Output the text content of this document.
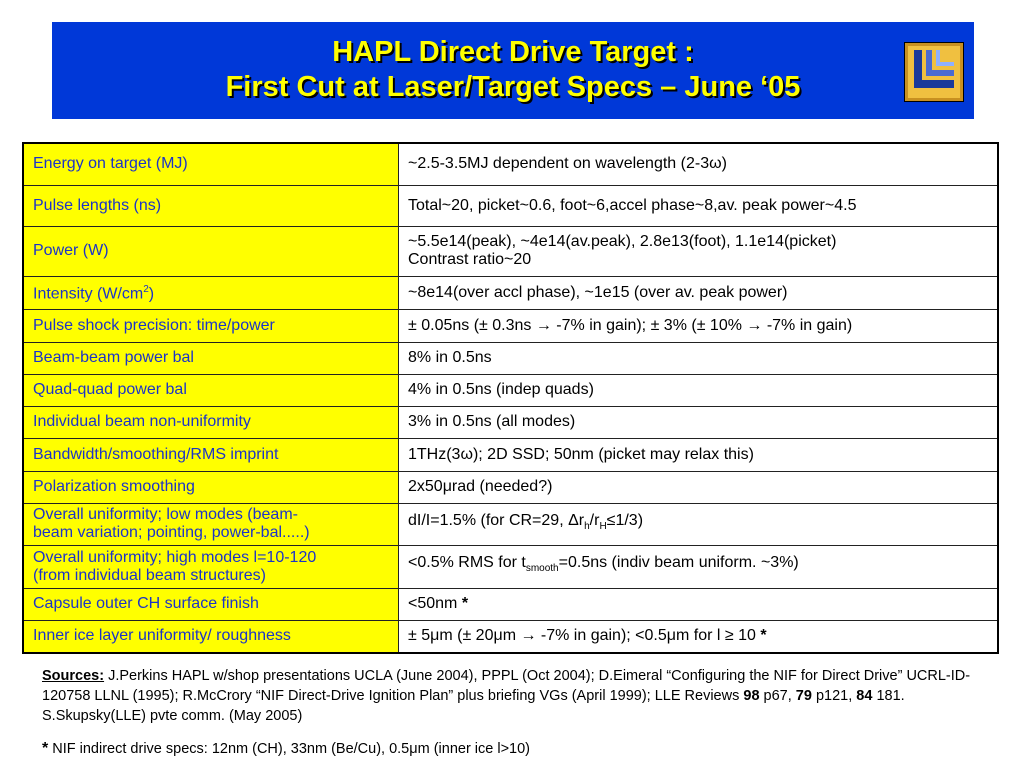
HAPL Direct Drive Target :
First Cut at Laser/Target Specs – June ‘05
Energy on target (MJ)	~2.5-3.5MJ dependent on wavelength (2-3ω)
Pulse lengths (ns)	Total~20, picket~0.6, foot~6,accel phase~8,av. peak power~4.5
Power (W)	~5.5e14(peak), ~4e14(av.peak), 2.8e13(foot), 1.1e14(picket)
Contrast ratio~20

Intensity $(W/cm^2)$	~8e14(over accl phase), ~1e15 (over av. peak power)
Pulse shock precision: time/power	± 0.05ns (± 0.3ns → -7% in gain); ± 3% (± 10% → -7% in gain)
Beam-beam power bal	8% in 0.5ns
Quad-quad power bal	4% in 0.5ns (indep quads)
Individual beam non-uniformity	3% in 0.5ns (all modes)
Bandwidth/smoothing/RMS imprint	1THz(3ω); 2D SSD; 50nm (picket may relax this)
Polarization smoothing	2x50μrad (needed?)

Overall uniformity; low modes (beam-
beam variation; pointing, power-bal.....)	dI/I=1.5% (for CR=29, $\Delta r_h/r_H\le 1/3$)

Overall uniformity; high modes l=10-120
(from individual beam structures)	<0.5% RMS for $t_{smooth}=0.5ns$ (indiv beam uniform. ~3%)
Capsule outer CH surface finish	<50nm *
Inner ice layer uniformity/ roughness	± 5μm (± 20μm → -7% in gain); <0.5μm for l ≥ 10 *
Sources: J.Perkins HAPL w/shop presentations UCLA (June 2004), PPPL (Oct 2004); D.Eimeral “Configuring the NIF for Direct Drive” UCRL-ID-120758 LLNL (1995); R.McCrory “NIF Direct-Drive Ignition Plan” plus briefing VGs (April 1999); LLE Reviews 98 p67, 79 p121, 84 181. S.Skupsky(LLE) pvte comm. (May 2005)
* NIF indirect drive specs: 12nm (CH), 33nm (Be/Cu), 0.5μm (inner ice l>10)
